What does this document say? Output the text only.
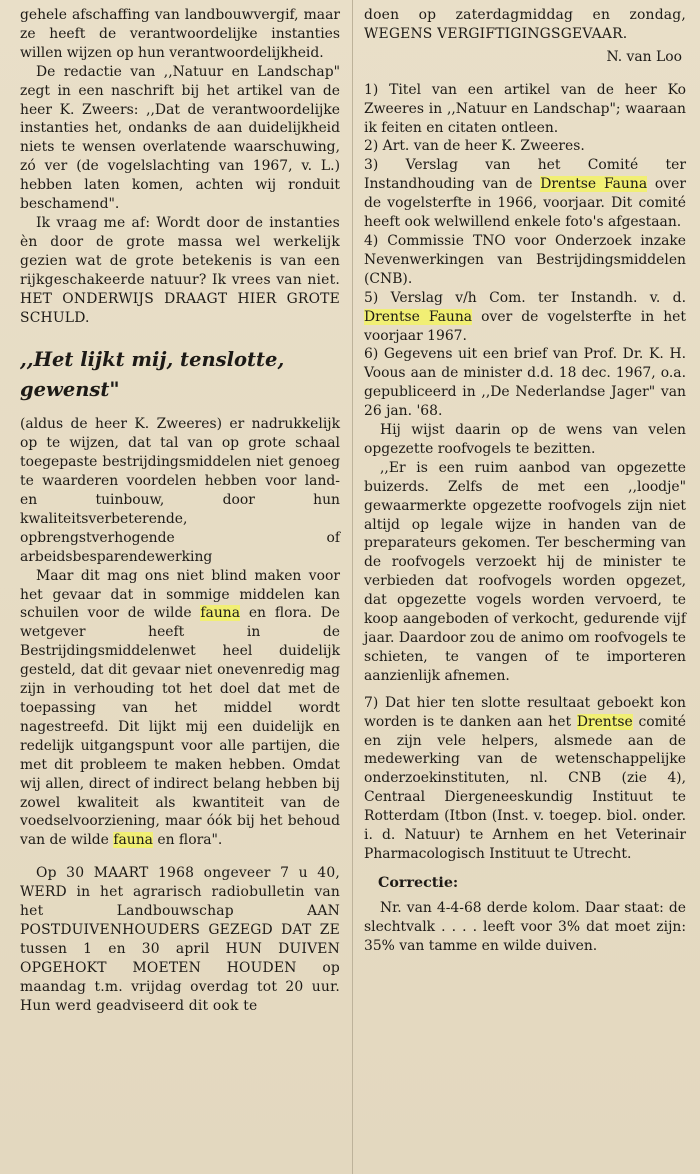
gehele afschaffing van landbouwvergif, maar ze heeft de verantwoordelijke instanties willen wijzen op hun verantwoordelijkheid.

De redactie van ,,Natuur en Landschap" zegt in een naschrift bij het artikel van de heer K. Zweers: ,,Dat de verantwoordelijke instanties het, ondanks de aan duidelijkheid niets te wensen overlatende waarschuwing, zó ver (de vogelslachting van 1967, v. L.) hebben laten komen, achten wij ronduit beschamend".

Ik vraag me af: Wordt door de instanties èn door de grote massa wel werkelijk gezien wat de grote betekenis is van een rijkgeschakeerde natuur? Ik vrees van niet. HET ONDERWIJS DRAAGT HIER GROTE SCHULD.

,,Het lijkt mij, tenslotte, gewenst"

(aldus de heer K. Zweeres) er nadrukkelijk op te wijzen, dat tal van op grote schaal toegepaste bestrijdingsmiddelen niet genoeg te waarderen voordelen hebben voor land- en tuinbouw, door hun kwaliteitsverbeterende, opbrengstverhogende of arbeidsbesparendewerking

Maar dit mag ons niet blind maken voor het gevaar dat in sommige middelen kan schuilen voor de wilde fauna en flora. De wetgever heeft in de Bestrijdingsmiddelenwet heel duidelijk gesteld, dat dit gevaar niet onevenredig mag zijn in verhouding tot het doel dat met de toepassing van het middel wordt nagestreefd. Dit lijkt mij een duidelijk en redelijk uitgangspunt voor alle partijen, die met dit probleem te maken hebben. Omdat wij allen, direct of indirect belang hebben bij zowel kwaliteit als kwantiteit van de voedselvoorziening, maar óók bij het behoud van de wilde fauna en flora".

Op 30 MAART 1968 ongeveer 7 u 40, WERD in het agrarisch radiobulletin van het Landbouwschap AAN POSTDUIVENHOUDERS GEZEGD DAT ZE tussen 1 en 30 april HUN DUIVEN OPGEHOKT MOETEN HOUDEN op maandag t.m. vrijdag overdag tot 20 uur. Hun werd geadviseerd dit ook te

doen op zaterdagmiddag en zondag, WEGENS VERGIFTIGINGSGEVAAR.

N. van Loo

1) Titel van een artikel van de heer Ko Zweeres in ,,Natuur en Landschap"; waaraan ik feiten en citaten ontleen.

2) Art. van de heer K. Zweeres.

3) Verslag van het Comité ter Instandhouding van de Drentse Fauna over de vogelsterfte in 1966, voorjaar. Dit comité heeft ook welwillend enkele foto's afgestaan.

4) Commissie TNO voor Onderzoek inzake Nevenwerkingen van Bestrijdingsmiddelen (CNB).

5) Verslag v/h Com. ter Instandh. v. d. Drentse Fauna over de vogelsterfte in het voorjaar 1967.

6) Gegevens uit een brief van Prof. Dr. K. H. Voous aan de minister d.d. 18 dec. 1967, o.a. gepubliceerd in ,,De Nederlandse Jager" van 26 jan. '68.

Hij wijst daarin op de wens van velen opgezette roofvogels te bezitten.

,,Er is een ruim aanbod van opgezette buizerds. Zelfs de met een ,,loodje" gewaarmerkte opgezette roofvogels zijn niet altijd op legale wijze in handen van de preparateurs gekomen. Ter bescherming van de roofvogels verzoekt hij de minister te verbieden dat roofvogels worden opgezet, dat opgezette vogels worden vervoerd, te koop aangeboden of verkocht, gedurende vijf jaar. Daardoor zou de animo om roofvogels te schieten, te vangen of te importeren aanzienlijk afnemen.

7) Dat hier ten slotte resultaat geboekt kon worden is te danken aan het Drentse comité en zijn vele helpers, alsmede aan de medewerking van de wetenschappelijke onderzoekinstituten, nl. CNB (zie 4), Centraal Diergeneeskundig Instituut te Rotterdam (Itbon (Inst. v. toegep. biol. onder. i. d. Natuur) te Arnhem en het Veterinair Pharmacologisch Instituut te Utrecht.

Correctie:

Nr. van 4-4-68 derde kolom. Daar staat: de slechtvalk . . . . leeft voor 3% dat moet zijn: 35% van tamme en wilde duiven.
